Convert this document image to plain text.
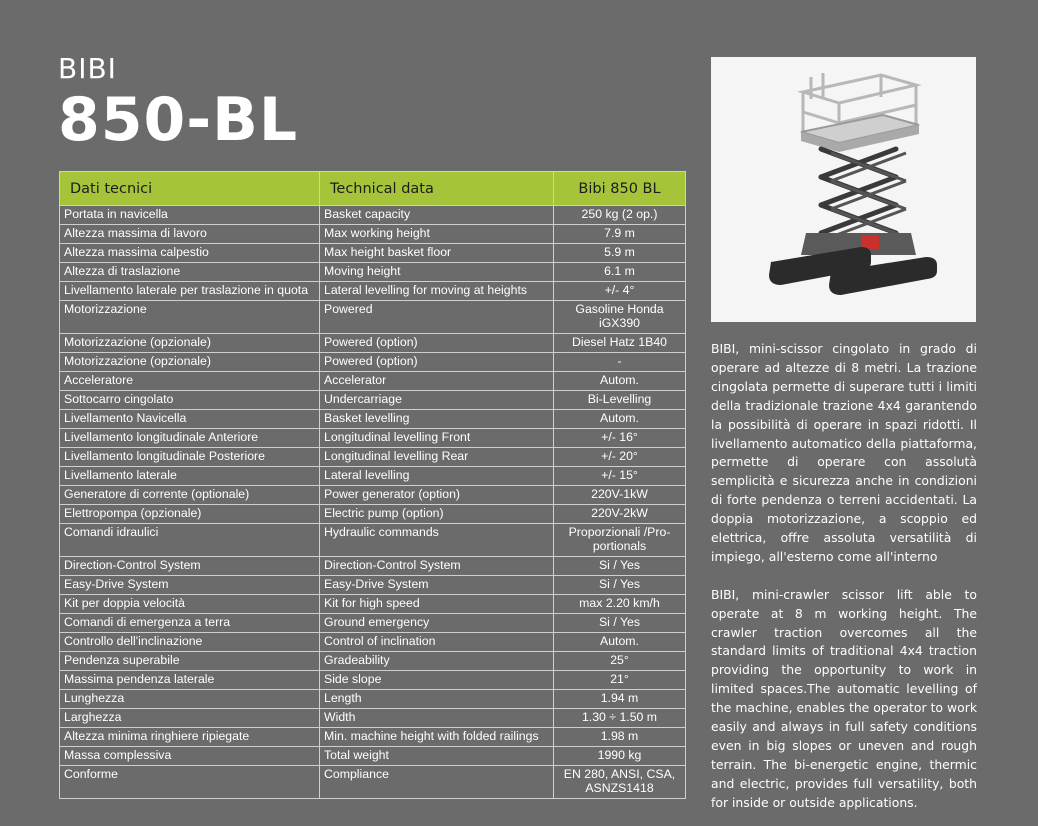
BIBI
850-BL
Dati tecnici	Technical data	Bibi 850 BL
Portata in navicella	Basket capacity	250 kg (2 op.)
Altezza massima di lavoro	Max working height	7.9 m
Altezza massima calpestio	Max height basket floor	5.9 m
Altezza di traslazione	Moving height	6.1 m
Livellamento laterale per traslazione in quota	Lateral levelling for moving at heights	+/- 4°
Motorizzazione	Powered	Gasoline Honda iGX390
Motorizzazione (opzionale)	Powered (option)	Diesel Hatz 1B40
Motorizzazione (opzionale)	Powered (option)	-
Acceleratore	Accelerator	Autom.
Sottocarro cingolato	Undercarriage	Bi-Levelling
Livellamento Navicella	Basket levelling	Autom.
Livellamento longitudinale Anteriore	Longitudinal levelling Front	+/- 16°
Livellamento longitudinale Posteriore	Longitudinal levelling Rear	+/- 20°
Livellamento laterale	Lateral levelling	+/- 15°
Generatore di corrente (optionale)	Power generator (option)	220V-1kW
Elettropompa (opzionale)	Electric pump (option)	220V-2kW
Comandi idraulici	Hydraulic commands	Proporzionali /Pro-portionals
Direction-Control System	Direction-Control System	Si / Yes
Easy-Drive System	Easy-Drive System	Si / Yes
Kit per doppia velocità	Kit for high speed	max 2.20 km/h
Comandi di emergenza a terra	Ground emergency	Si / Yes
Controllo dell'inclinazione	Control of inclination	Autom.
Pendenza superabile	Gradeability	25°
Massima pendenza laterale	Side slope	21°
Lunghezza	Length	1.94 m
Larghezza	Width	1.30 ÷ 1.50 m
Altezza minima ringhiere ripiegate	Min. machine height with folded railings	1.98 m
Massa complessiva	Total weight	1990 kg
Conforme	Compliance	EN 280, ANSI, CSA, ASNZS1418

BIBI, mini-scissor cingolato in grado di operare ad altezze di 8 metri. La trazione cingolata permette di superare tutti i limiti della tradizionale trazione 4x4 garantendo la possibilità di operare in spazi ridotti. Il livellamento automatico della piattaforma, permette di operare con assolutà semplicità e sicurezza anche in condizioni di forte pendenza o terreni accidentati. La doppia motorizzazione, a scoppio ed elettrica, offre assoluta versatilità di impiego, all'esterno come all'interno

BIBI, mini-crawler scissor lift able to operate at 8 m working height. The crawler traction overcomes all the standard limits of traditional 4x4 traction providing the opportunity to work in limited spaces.The automatic levelling of the machine, enables the operator to work easily and always in full safety conditions even in big slopes or uneven and rough terrain. The bi-energetic engine, thermic and electric, provides full versatility, both for inside or outside applications.
